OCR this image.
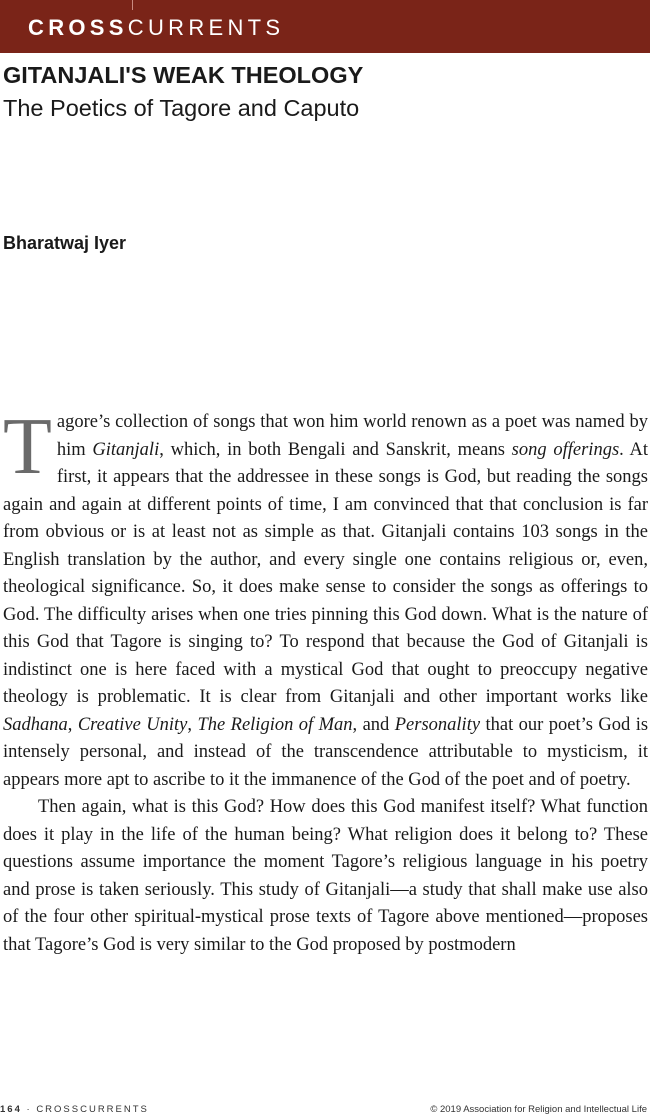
CROSSCURRENTS
GITANJALI'S WEAK THEOLOGY
The Poetics of Tagore and Caputo
Bharatwaj Iyer

Tagore’s collection of songs that won him world renown as a poet was named by him Gitanjali, which, in both Bengali and Sanskrit, means song offerings. At first, it appears that the addressee in these songs is God, but reading the songs again and again at different points of time, I am convinced that that conclusion is far from obvious or is at least not as simple as that. Gitanjali contains 103 songs in the English translation by the author, and every single one contains religious or, even, theological significance. So, it does make sense to consider the songs as offerings to God. The difficulty arises when one tries pinning this God down. What is the nature of this God that Tagore is singing to? To respond that because the God of Gitanjali is indistinct one is here faced with a mystical God that ought to preoccupy negative theology is problematic. It is clear from Gitanjali and other important works like Sadhana, Creative Unity, The Religion of Man, and Personality that our poet’s God is intensely personal, and instead of the transcendence attributable to mysticism, it appears more apt to ascribe to it the immanence of the God of the poet and of poetry.

Then again, what is this God? How does this God manifest itself? What function does it play in the life of the human being? What religion does it belong to? These questions assume importance the moment Tagore’s religious language in his poetry and prose is taken seriously. This study of Gitanjali—a study that shall make use also of the four other spiritual-mystical prose texts of Tagore above mentioned—proposes that Tagore’s God is very similar to the God proposed by postmodern

164 · CROSSCURRENTS	© 2019 Association for Religion and Intellectual Life
